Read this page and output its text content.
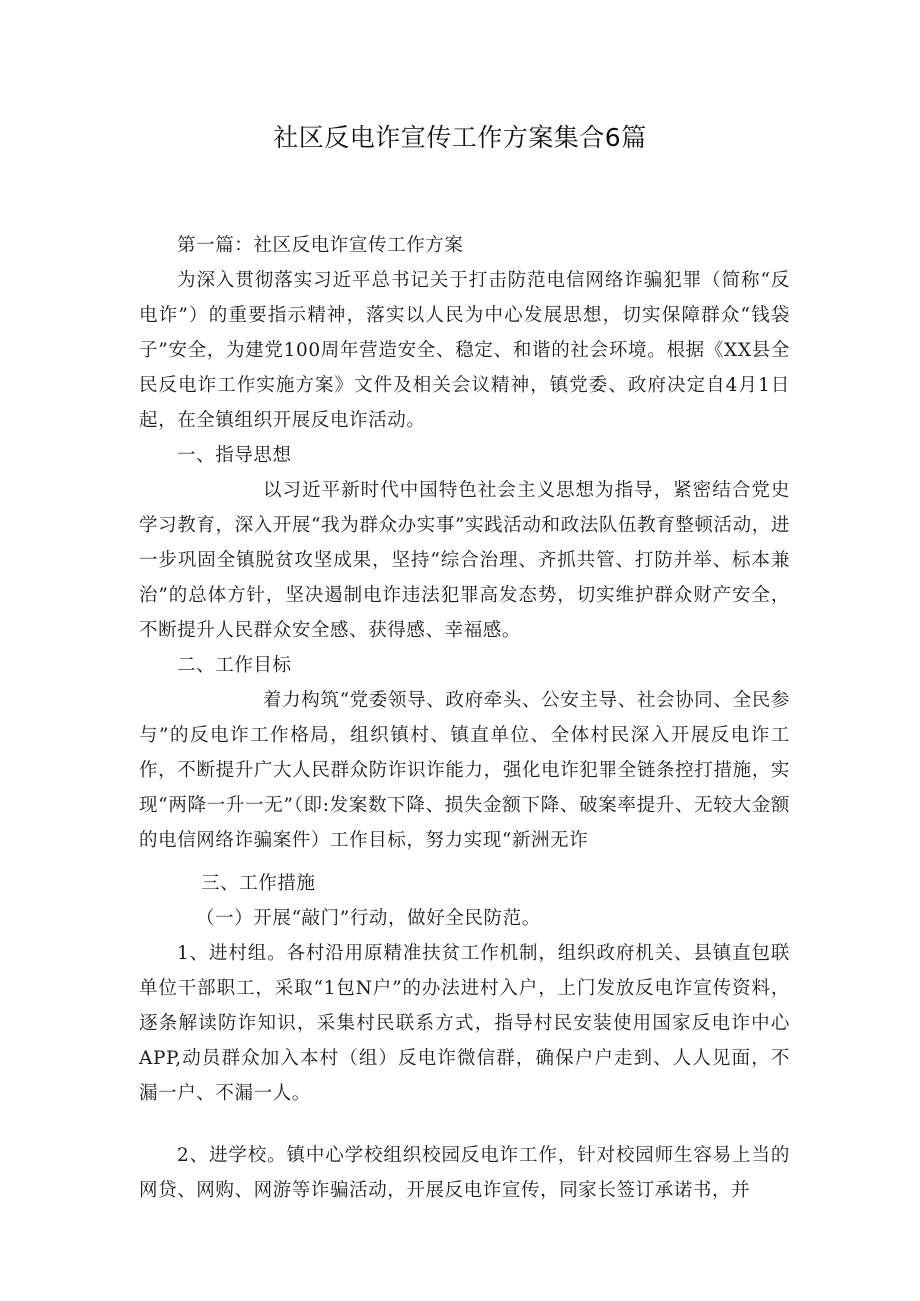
社区反电诈宣传工作方案集合6篇

第一篇：社区反电诈宣传工作方案

为深入贯彻落实习近平总书记关于打击防范电信网络诈骗犯罪（简称“反电诈”）的重要指示精神，落实以人民为中心发展思想，切实保障群众“钱袋子”安全，为建党100周年营造安全、稳定、和谐的社会环境。根据《XX县全民反电诈工作实施方案》文件及相关会议精神，镇党委、政府决定自4月1日起，在全镇组织开展反电诈活动。

一、指导思想

以习近平新时代中国特色社会主义思想为指导，紧密结合党史学习教育，深入开展“我为群众办实事”实践活动和政法队伍教育整顿活动，进一步巩固全镇脱贫攻坚成果，坚持“综合治理、齐抓共管、打防并举、标本兼治”的总体方针，坚决遏制电诈违法犯罪高发态势，切实维护群众财产安全，不断提升人民群众安全感、获得感、幸福感。

二、工作目标

着力构筑“党委领导、政府牵头、公安主导、社会协同、全民参与”的反电诈工作格局，组织镇村、镇直单位、全体村民深入开展反电诈工作，不断提升广大人民群众防诈识诈能力，强化电诈犯罪全链条控打措施，实现“两降一升一无”（即:发案数下降、损失金额下降、破案率提升、无较大金额的电信网络诈骗案件）工作目标，努力实现“新洲无诈

三、工作措施

（一）开展“敲门”行动，做好全民防范。

1、进村组。各村沿用原精准扶贫工作机制，组织政府机关、县镇直包联单位干部职工，采取“1包N户”的办法进村入户，上门发放反电诈宣传资料，逐条解读防诈知识，采集村民联系方式，指导村民安装使用国家反电诈中心APP,动员群众加入本村（组）反电诈微信群，确保户户走到、人人见面，不漏一户、不漏一人。

2、进学校。镇中心学校组织校园反电诈工作，针对校园师生容易上当的网贷、网购、网游等诈骗活动，开展反电诈宣传，同家长签订承诺书，并
